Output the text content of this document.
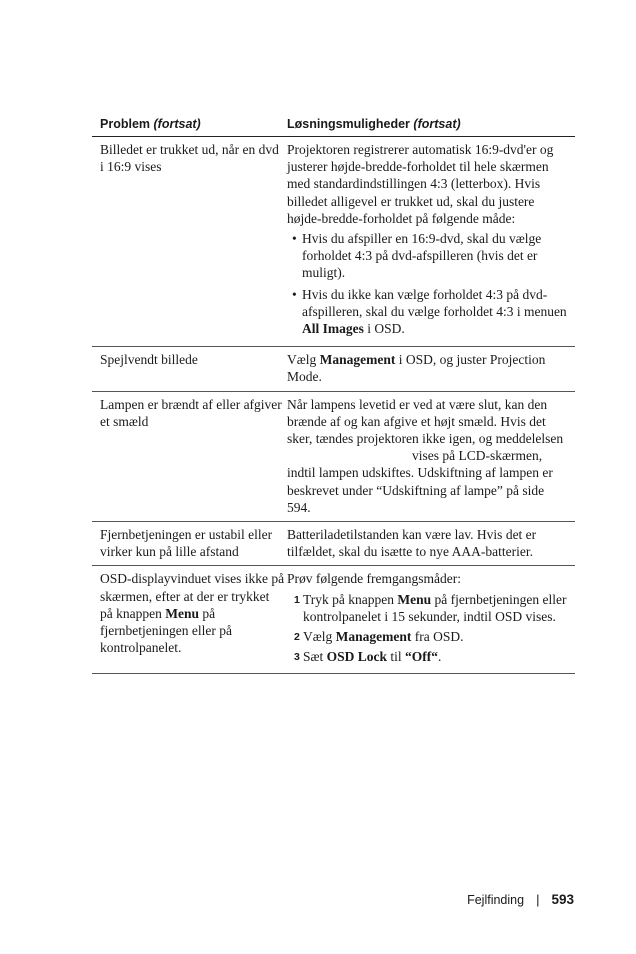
Problem (fortsat)	Løsningsmuligheder (fortsat)
Billedet er trukket ud, når en dvd i 16:9 vises
Projektoren registrerer automatisk 16:9-dvd'er og justerer højde-bredde-forholdet til hele skærmen med standardindstillingen 4:3 (letterbox). Hvis billedet alligevel er trukket ud, skal du justere højde-bredde-forholdet på følgende måde:
• Hvis du afspiller en 16:9-dvd, skal du vælge forholdet 4:3 på dvd-afspilleren (hvis det er muligt).
• Hvis du ikke kan vælge forholdet 4:3 på dvd-afspilleren, skal du vælge forholdet 4:3 i menuen All Images i OSD.
Spejlvendt billede	Vælg Management i OSD, og juster Projection Mode.
Lampen er brændt af eller afgiver et smæld
Når lampens levetid er ved at være slut, kan den brænde af og kan afgive et højt smæld. Hvis det sker, tændes projektoren ikke igen, og meddelelsenvises på LCD-skærmen, indtil lampen udskiftes. Udskiftning af lampen er beskrevet under “Udskiftning af lampe” på side 594.
Fjernbetjeningen er ustabil eller virker kun på lille afstand
Batteriladetilstanden kan være lav. Hvis det er tilfældet, skal du isætte to nye AAA-batterier.
OSD-displayvinduet vises ikke på skærmen, efter at der er trykket på knappen Menu på fjernbetjeningen eller på kontrolpanelet.
Prøv følgende fremgangsmåder:
1 Tryk på knappen Menu på fjernbetjeningen eller kontrolpanelet i 15 sekunder, indtil OSD vises.
2 Vælg Management fra OSD.
3 Sæt OSD Lock til “Off“.
Fejlfinding | 593
